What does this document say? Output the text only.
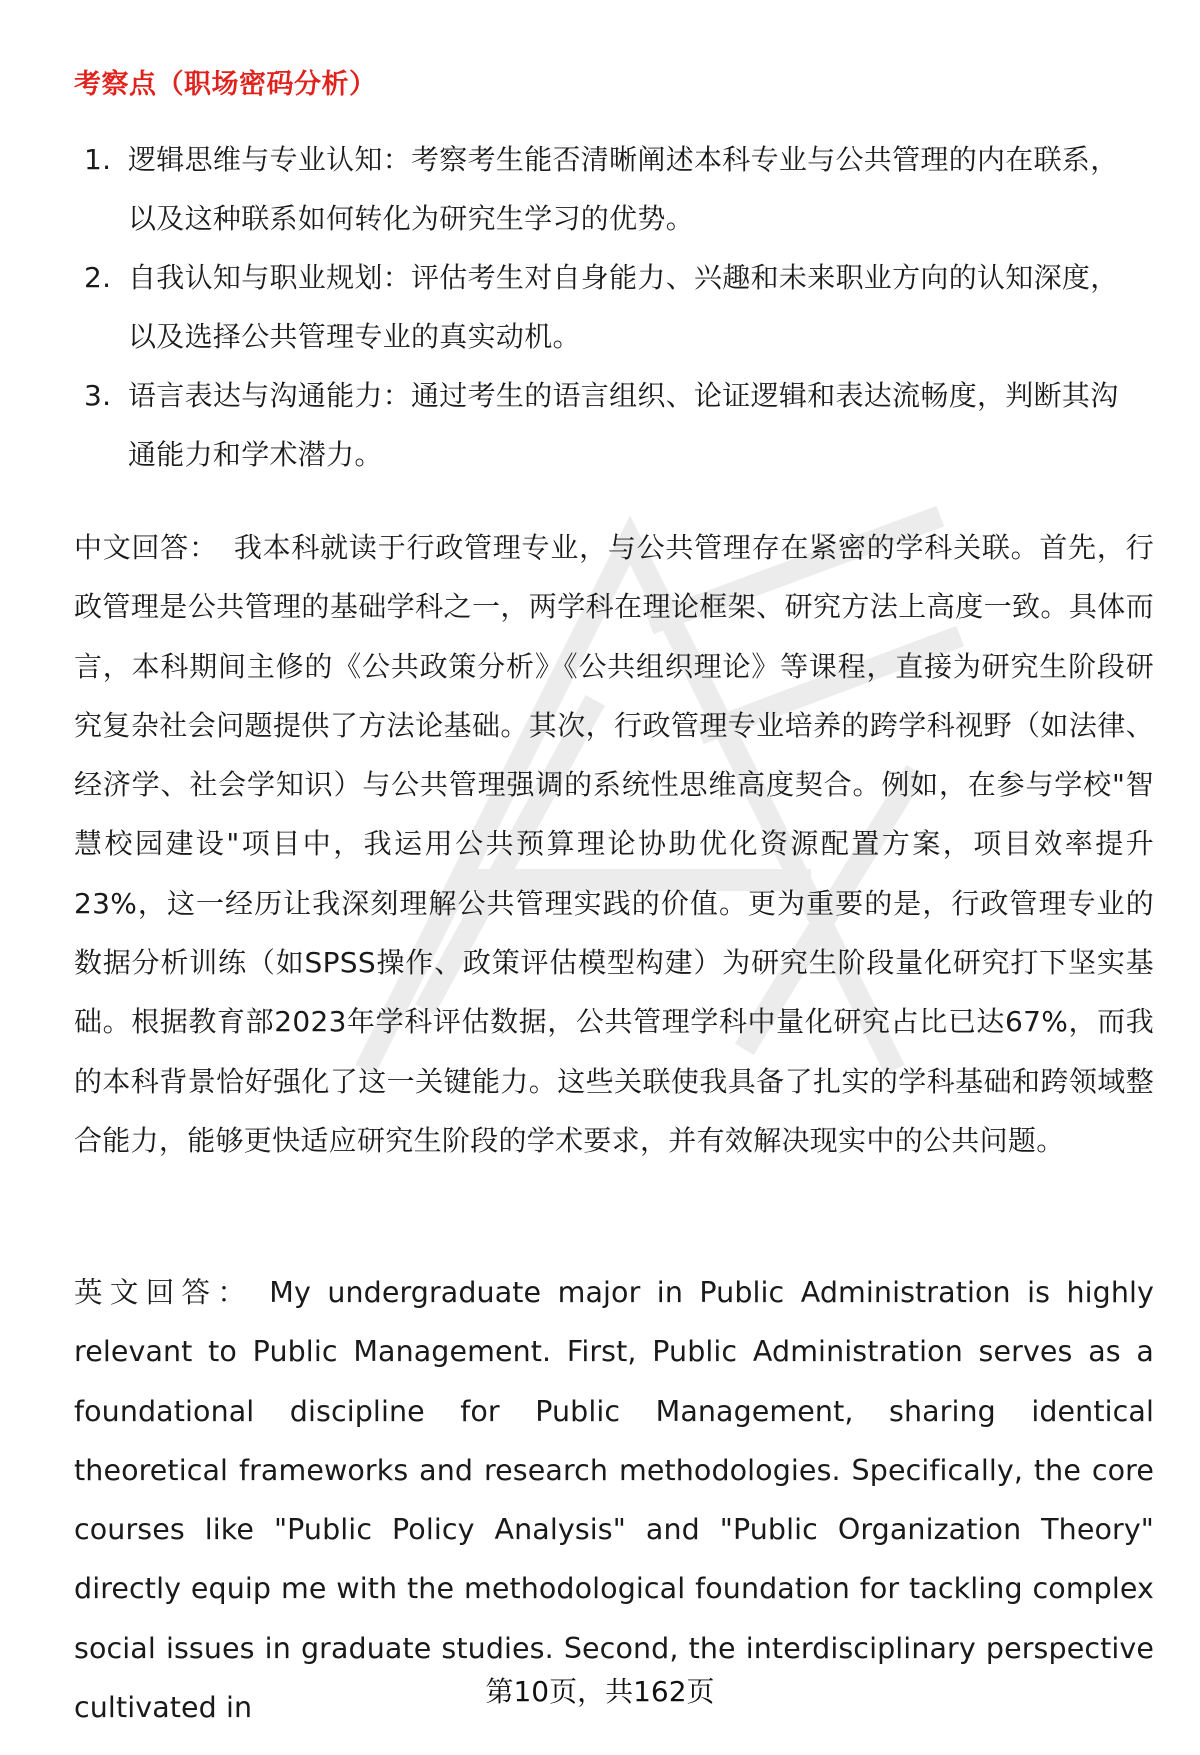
考察点（职场密码分析）
1. 逻辑思维与专业认知：考察考生能否清晰阐述本科专业与公共管理的内在联系，以及这种联系如何转化为研究生学习的优势。
2. 自我认知与职业规划：评估考生对自身能力、兴趣和未来职业方向的认知深度，以及选择公共管理专业的真实动机。
3. 语言表达与沟通能力：通过考生的语言组织、论证逻辑和表达流畅度，判断其沟通能力和学术潜力。

中文回答： 我本科就读于行政管理专业，与公共管理存在紧密的学科关联。首先，行政管理是公共管理的基础学科之一，两学科在理论框架、研究方法上高度一致。具体而言，本科期间主修的《公共政策分析》《公共组织理论》等课程，直接为研究生阶段研究复杂社会问题提供了方法论基础。其次，行政管理专业培养的跨学科视野（如法律、经济学、社会学知识）与公共管理强调的系统性思维高度契合。例如，在参与学校"智慧校园建设"项目中，我运用公共预算理论协助优化资源配置方案，项目效率提升23%，这一经历让我深刻理解公共管理实践的价值。更为重要的是，行政管理专业的数据分析训练（如SPSS操作、政策评估模型构建）为研究生阶段量化研究打下坚实基础。根据教育部2023年学科评估数据，公共管理学科中量化研究占比已达67%，而我的本科背景恰好强化了这一关键能力。这些关联使我具备了扎实的学科基础和跨领域整合能力，能够更快适应研究生阶段的学术要求，并有效解决现实中的公共问题。

英文回答： My undergraduate major in Public Administration is highly relevant to Public Management. First, Public Administration serves as a foundational discipline for Public Management, sharing identical theoretical frameworks and research methodologies. Specifically, the core courses like "Public Policy Analysis" and "Public Organization Theory" directly equip me with the methodological foundation for tackling complex social issues in graduate studies. Second, the interdisciplinary perspective cultivated in	第10页，共162页
